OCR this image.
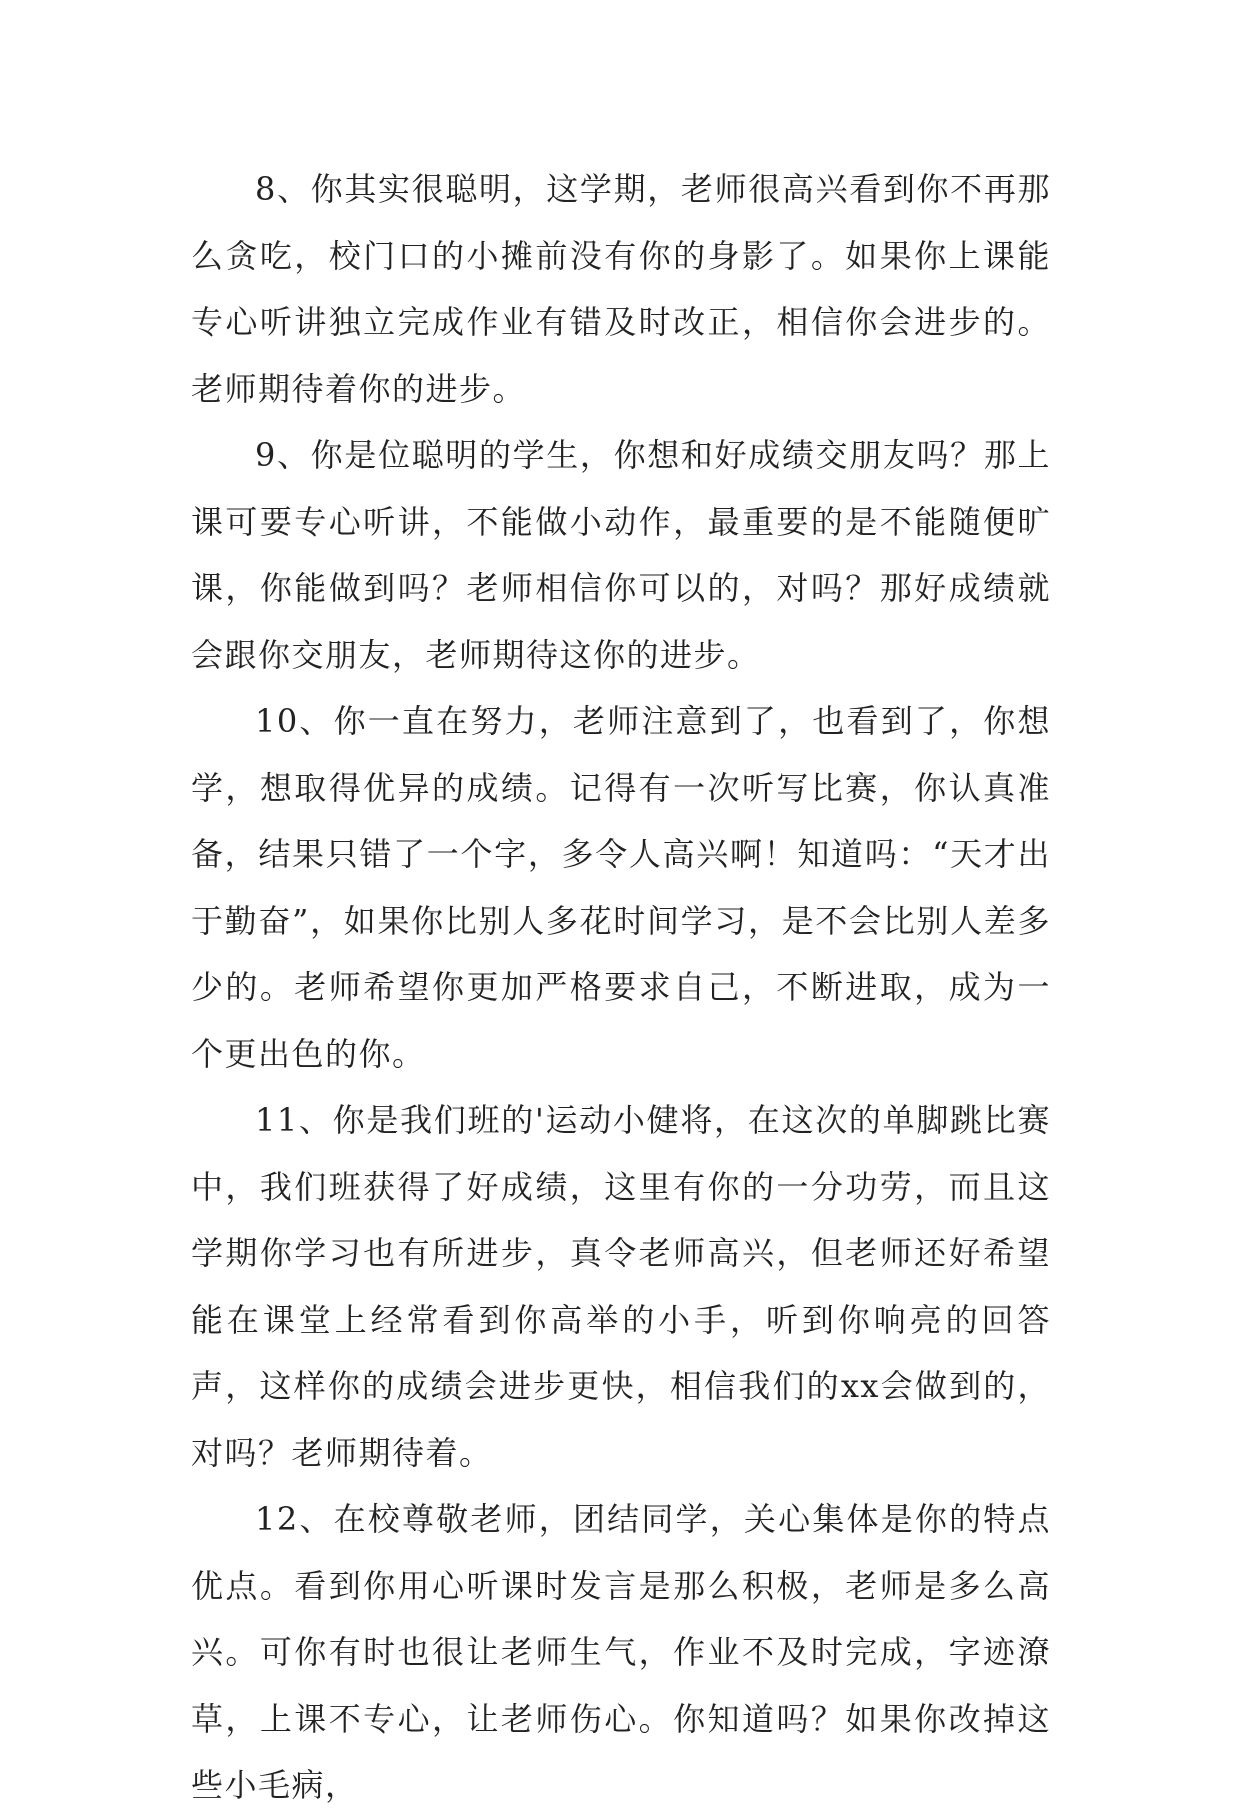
8、你其实很聪明，这学期，老师很高兴看到你不再那么贪吃，校门口的小摊前没有你的身影了。如果你上课能专心听讲独立完成作业有错及时改正，相信你会进步的。老师期待着你的进步。

9、你是位聪明的学生，你想和好成绩交朋友吗？那上课可要专心听讲，不能做小动作，最重要的是不能随便旷课，你能做到吗？老师相信你可以的，对吗？那好成绩就会跟你交朋友，老师期待这你的进步。

10、你一直在努力，老师注意到了，也看到了，你想学，想取得优异的成绩。记得有一次听写比赛，你认真准备，结果只错了一个字，多令人高兴啊！知道吗：“天才出于勤奋”，如果你比别人多花时间学习，是不会比别人差多少的。老师希望你更加严格要求自己，不断进取，成为一个更出色的你。

11、你是我们班的'运动小健将，在这次的单脚跳比赛中，我们班获得了好成绩，这里有你的一分功劳，而且这学期你学习也有所进步，真令老师高兴，但老师还好希望能在课堂上经常看到你高举的小手，听到你响亮的回答声，这样你的成绩会进步更快，相信我们的xx会做到的，对吗？老师期待着。

12、在校尊敬老师，团结同学，关心集体是你的特点优点。看到你用心听课时发言是那么积极，老师是多么高兴。可你有时也很让老师生气，作业不及时完成，字迹潦草，上课不专心，让老师伤心。你知道吗？如果你改掉这些小毛病，
